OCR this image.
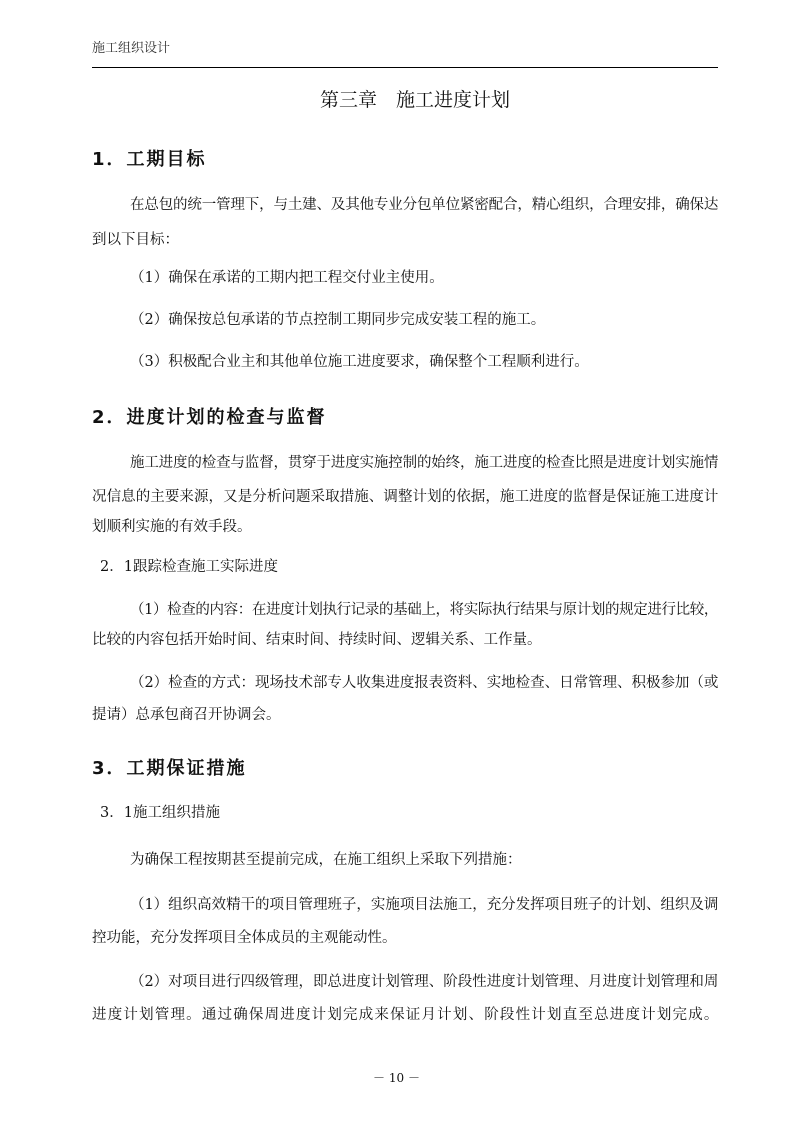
施工组织设计
第三章　施工进度计划
1．工期目标
在总包的统一管理下，与土建、及其他专业分包单位紧密配合，精心组织，合理安排，确保达
到以下目标：
（1）确保在承诺的工期内把工程交付业主使用。
（2）确保按总包承诺的节点控制工期同步完成安装工程的施工。
（3）积极配合业主和其他单位施工进度要求，确保整个工程顺利进行。
2．进度计划的检查与监督
施工进度的检查与监督，贯穿于进度实施控制的始终，施工进度的检查比照是进度计划实施情
况信息的主要来源，又是分析问题采取措施、调整计划的依据，施工进度的监督是保证施工进度计
划顺利实施的有效手段。
2．1跟踪检查施工实际进度
（1）检查的内容：在进度计划执行记录的基础上，将实际执行结果与原计划的规定进行比较，
比较的内容包括开始时间、结束时间、持续时间、逻辑关系、工作量。
（2）检查的方式：现场技术部专人收集进度报表资料、实地检查、日常管理、积极参加（或
提请）总承包商召开协调会。
3．工期保证措施
3．1施工组织措施
为确保工程按期甚至提前完成，在施工组织上采取下列措施：
（1）组织高效精干的项目管理班子，实施项目法施工，充分发挥项目班子的计划、组织及调
控功能，充分发挥项目全体成员的主观能动性。
（2）对项目进行四级管理，即总进度计划管理、阶段性进度计划管理、月进度计划管理和周
进度计划管理。通过确保周进度计划完成来保证月计划、阶段性计划直至总进度计划完成。
－ 10 －
